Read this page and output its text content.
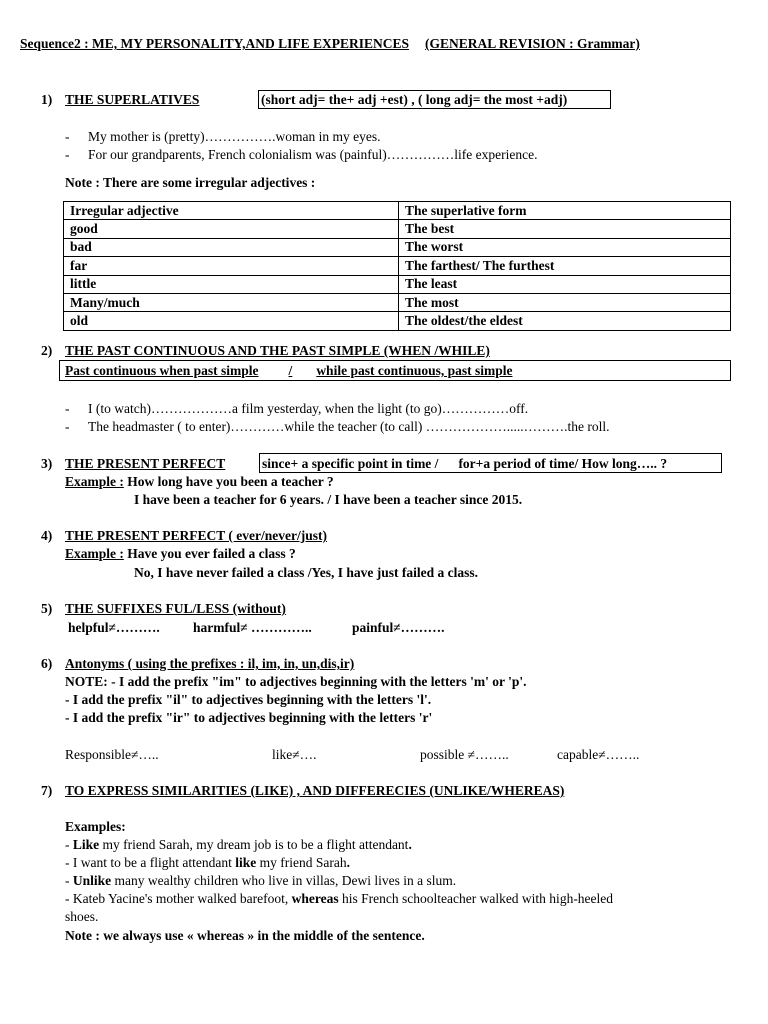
Sequence2 : ME, MY PERSONALITY,AND LIFE EXPERIENCES (GENERAL REVISION : Grammar)
1) THE SUPERLATIVES	(short adj= the+ adj +est) , ( long adj= the most +adj)
- My mother is (pretty)…………….woman in my eyes.
- For our grandparents, French colonialism was (painful)……………life experience.
Note : There are some irregular adjectives :
Irregular adjective	The superlative form
good	The best
bad	The worst
far	The farthest/ The furthest
little	The least
Many/much	The most
old	The oldest/the eldest
2) THE PAST CONTINUOUS AND THE PAST SIMPLE (WHEN /WHILE)
Past continuous when past simple / while past continuous, past simple
- I (to watch)………………a film yesterday, when the light (to go)……………off.
- The headmaster ( to enter)…………while the teacher (to call) ……………….....……….the roll.
3) THE PRESENT PERFECT	since+ a specific point in time / for+a period of time/ How long….. ?
Example : How long have you been a teacher ?
I have been a teacher for 6 years. / I have been a teacher since 2015.
4) THE PRESENT PERFECT ( ever/never/just)
Example : Have you ever failed a class ?
No, I have never failed a class /Yes, I have just failed a class.
5) THE SUFFIXES FUL/LESS (without)
helpful≠………. harmful≠ …………..	painful≠……….
6) Antonyms ( using the prefixes : il, im, in, un,dis,ir)
NOTE: - I add the prefix "im" to adjectives beginning with the letters 'm' or 'p'.
- I add the prefix "il" to adjectives beginning with the letters 'l'.
- I add the prefix "ir" to adjectives beginning with the letters 'r'
Responsible≠…..	like≠….	possible ≠……..	capable≠……..
7) TO EXPRESS SIMILARITIES (LIKE) , AND DIFFERECIES (UNLIKE/WHEREAS)
Examples:
- Like my friend Sarah, my dream job is to be a flight attendant.
- I want to be a flight attendant like my friend Sarah.
- Unlike many wealthy children who live in villas, Dewi lives in a slum.
- Kateb Yacine's mother walked barefoot, whereas his French schoolteacher walked with high-heeled
shoes.
Note : we always use « whereas » in the middle of the sentence.
